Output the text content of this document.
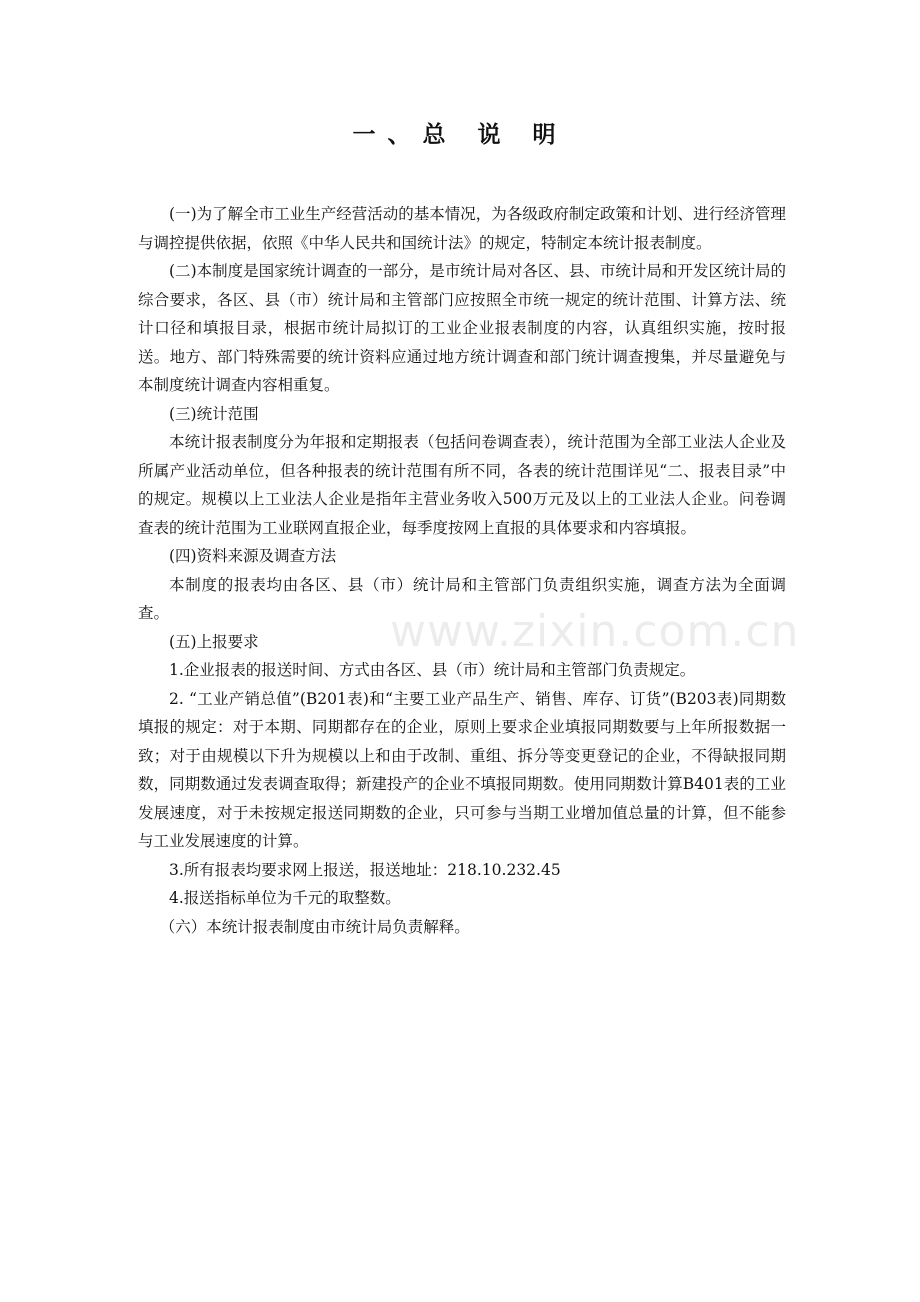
一、总 说 明

(一)为了解全市工业生产经营活动的基本情况，为各级政府制定政策和计划、进行经济管理与调控提供依据，依照《中华人民共和国统计法》的规定，特制定本统计报表制度。

(二)本制度是国家统计调查的一部分，是市统计局对各区、县、市统计局和开发区统计局的综合要求，各区、县（市）统计局和主管部门应按照全市统一规定的统计范围、计算方法、统计口径和填报目录，根据市统计局拟订的工业企业报表制度的内容，认真组织实施，按时报送。地方、部门特殊需要的统计资料应通过地方统计调查和部门统计调查搜集，并尽量避免与本制度统计调查内容相重复。

(三)统计范围

本统计报表制度分为年报和定期报表（包括问卷调查表），统计范围为全部工业法人企业及所属产业活动单位，但各种报表的统计范围有所不同，各表的统计范围详见“二、报表目录”中的规定。规模以上工业法人企业是指年主营业务收入500万元及以上的工业法人企业。问卷调查表的统计范围为工业联网直报企业，每季度按网上直报的具体要求和内容填报。

(四)资料来源及调查方法

本制度的报表均由各区、县（市）统计局和主管部门负责组织实施，调查方法为全面调查。

(五)上报要求

1.企业报表的报送时间、方式由各区、县（市）统计局和主管部门负责规定。

2. “工业产销总值”(B201表)和“主要工业产品生产、销售、库存、订货”(B203表)同期数填报的规定：对于本期、同期都存在的企业，原则上要求企业填报同期数要与上年所报数据一致；对于由规模以下升为规模以上和由于改制、重组、拆分等变更登记的企业，不得缺报同期数，同期数通过发表调查取得；新建投产的企业不填报同期数。使用同期数计算B401表的工业发展速度，对于未按规定报送同期数的企业，只可参与当期工业增加值总量的计算，但不能参与工业发展速度的计算。

3.所有报表均要求网上报送，报送地址：218.10.232.45

4.报送指标单位为千元的取整数。

（六）本统计报表制度由市统计局负责解释。

www.zixin.com.cn
